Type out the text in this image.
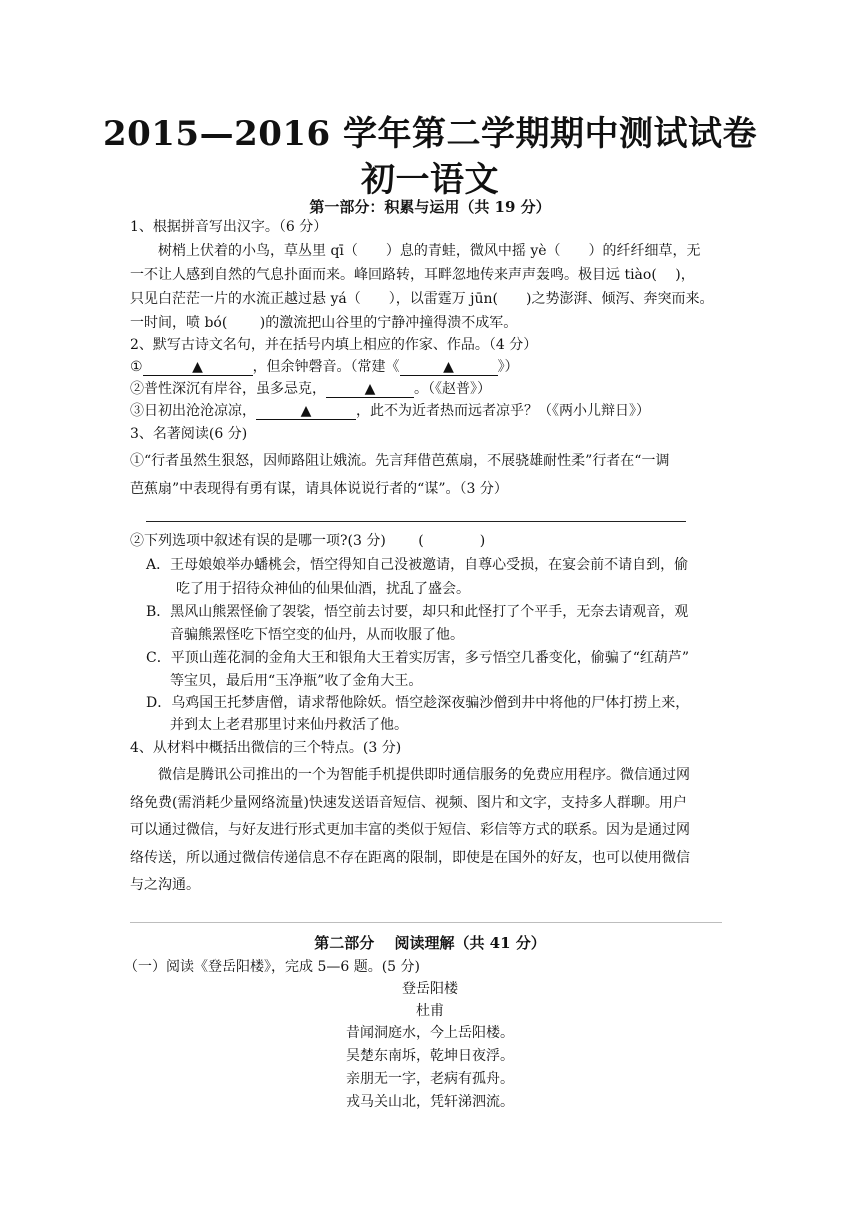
2015—2016 学年第二学期期中测试试卷
初一语文
第一部分：积累与运用（共 19 分）
1、根据拼音写出汉字。（6 分）
树梢上伏着的小鸟，草丛里 qī（　　）息的青蛙，微风中摇 yè（　　）的纤纤细草，无
一不让人感到自然的气息扑面而来。峰回路转，耳畔忽地传来声声轰鸣。极目远 tiào(　 )，
只见白茫茫一片的水流正越过悬 yá（　　），以雷霆万 jūn(　　)之势澎湃、倾泻、奔突而来。
一时间，喷 bó(　　 )的激流把山谷里的宁静冲撞得溃不成军。
2、默写古诗文名句，并在括号内填上相应的作家、作品。（4 分）
①	▲	，但余钟磬音。（常建《	▲	》）
②普性深沉有岸谷，虽多忌克，	▲	。（《赵普》）
③日初出沧沧凉凉，	▲	，此不为近者热而远者凉乎？（《两小儿辩日》）
3、名著阅读(6 分)
①“行者虽然生狠怒，因师路阻让娥流。先言拜借芭蕉扇，不展骁雄耐性柔”行者在“一调
芭蕉扇”中表现得有勇有谋，请具体说说行者的“谋”。（3 分）
②下列选项中叙述有误的是哪一项?(3 分)　　 (　　　　)
A．王母娘娘举办蟠桃会，悟空得知自己没被邀请，自尊心受损，在宴会前不请自到，偷
吃了用于招待众神仙的仙果仙酒，扰乱了盛会。
B．黑风山熊罴怪偷了袈裟，悟空前去讨要，却只和此怪打了个平手，无奈去请观音，观
音骗熊罴怪吃下悟空变的仙丹，从而收服了他。
C．平顶山莲花洞的金角大王和银角大王着实厉害，多亏悟空几番变化，偷骗了“红葫芦”
等宝贝，最后用“玉净瓶”收了金角大王。
D．乌鸡国王托梦唐僧，请求帮他除妖。悟空趁深夜骗沙僧到井中将他的尸体打捞上来，
并到太上老君那里讨来仙丹救活了他。
4、从材料中概括出微信的三个特点。(3 分)
微信是腾讯公司推出的一个为智能手机提供即时通信服务的免费应用程序。微信通过网
络免费(需消耗少量网络流量)快速发送语音短信、视频、图片和文字，支持多人群聊。用户
可以通过微信，与好友进行形式更加丰富的类似于短信、彩信等方式的联系。因为是通过网
络传送，所以通过微信传递信息不存在距离的限制，即使是在国外的好友，也可以使用微信
与之沟通。
第二部分　 阅读理解（共 41 分）
（一）阅读《登岳阳楼》，完成 5—6 题。(5 分)
登岳阳楼
杜甫
昔闻洞庭水，今上岳阳楼。
吴楚东南坼，乾坤日夜浮。
亲朋无一字，老病有孤舟。
戎马关山北，凭轩涕泗流。
